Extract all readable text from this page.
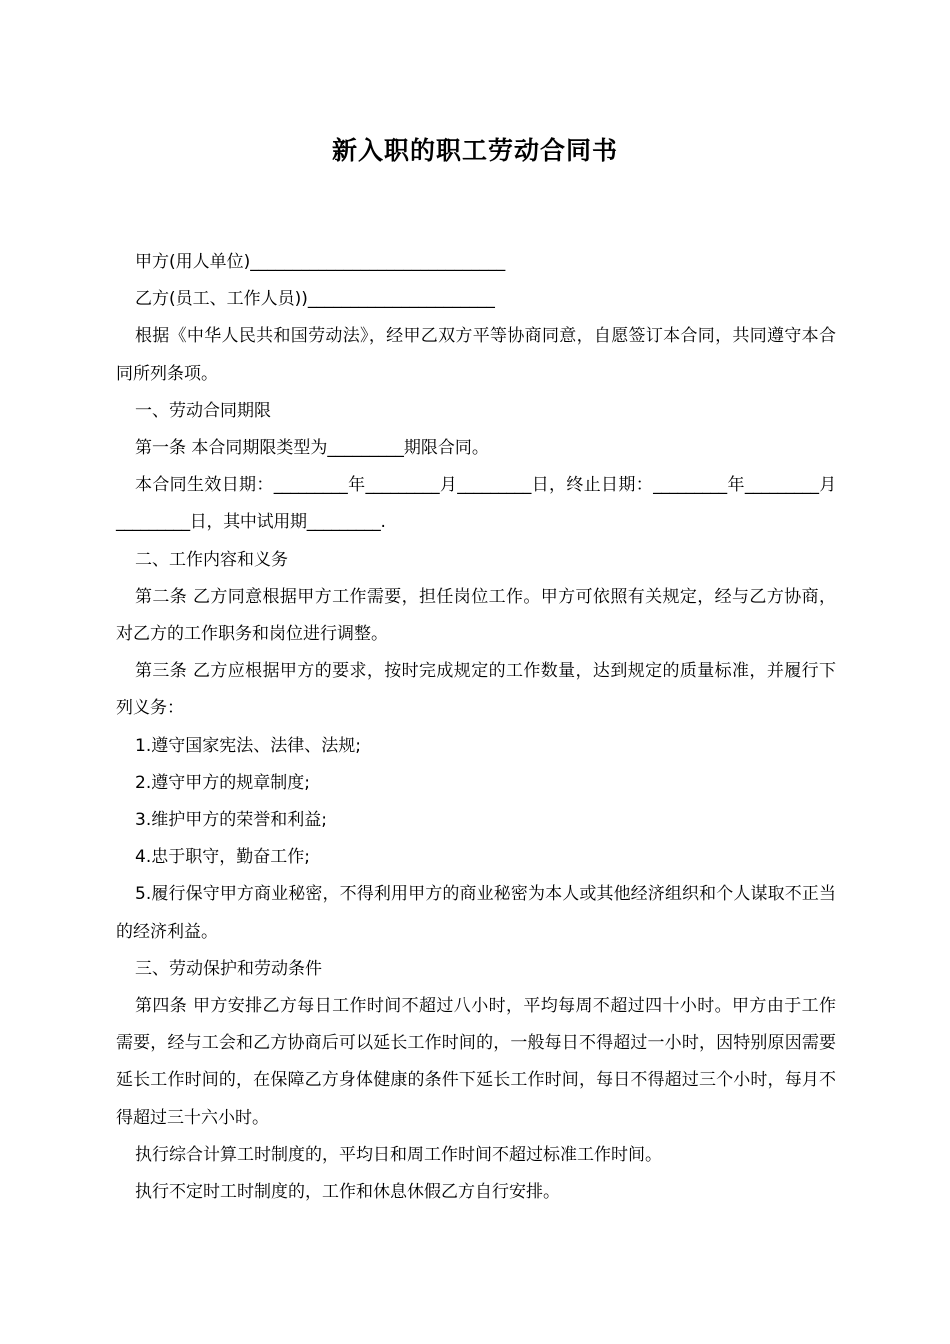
新入职的职工劳动合同书

甲方(用人单位)______________________________

乙方(员工、工作人员))______________________

根据《中华人民共和国劳动法》，经甲乙双方平等协商同意，自愿签订本合同，共同遵守本合同所列条项。

一、劳动合同期限

第一条 本合同期限类型为_________期限合同。

本合同生效日期：_________年_________月_________日，终止日期：_________年_________月_________日，其中试用期_________.

二、工作内容和义务

第二条 乙方同意根据甲方工作需要，担任岗位工作。甲方可依照有关规定，经与乙方协商，对乙方的工作职务和岗位进行调整。

第三条 乙方应根据甲方的要求，按时完成规定的工作数量，达到规定的质量标准，并履行下列义务：

1.遵守国家宪法、法律、法规;

2.遵守甲方的规章制度;

3.维护甲方的荣誉和利益;

4.忠于职守，勤奋工作;

5.履行保守甲方商业秘密，不得利用甲方的商业秘密为本人或其他经济组织和个人谋取不正当的经济利益。

三、劳动保护和劳动条件

第四条 甲方安排乙方每日工作时间不超过八小时，平均每周不超过四十小时。甲方由于工作需要，经与工会和乙方协商后可以延长工作时间的，一般每日不得超过一小时，因特别原因需要延长工作时间的，在保障乙方身体健康的条件下延长工作时间，每日不得超过三个小时，每月不得超过三十六小时。

执行综合计算工时制度的，平均日和周工作时间不超过标准工作时间。

执行不定时工时制度的，工作和休息休假乙方自行安排。
